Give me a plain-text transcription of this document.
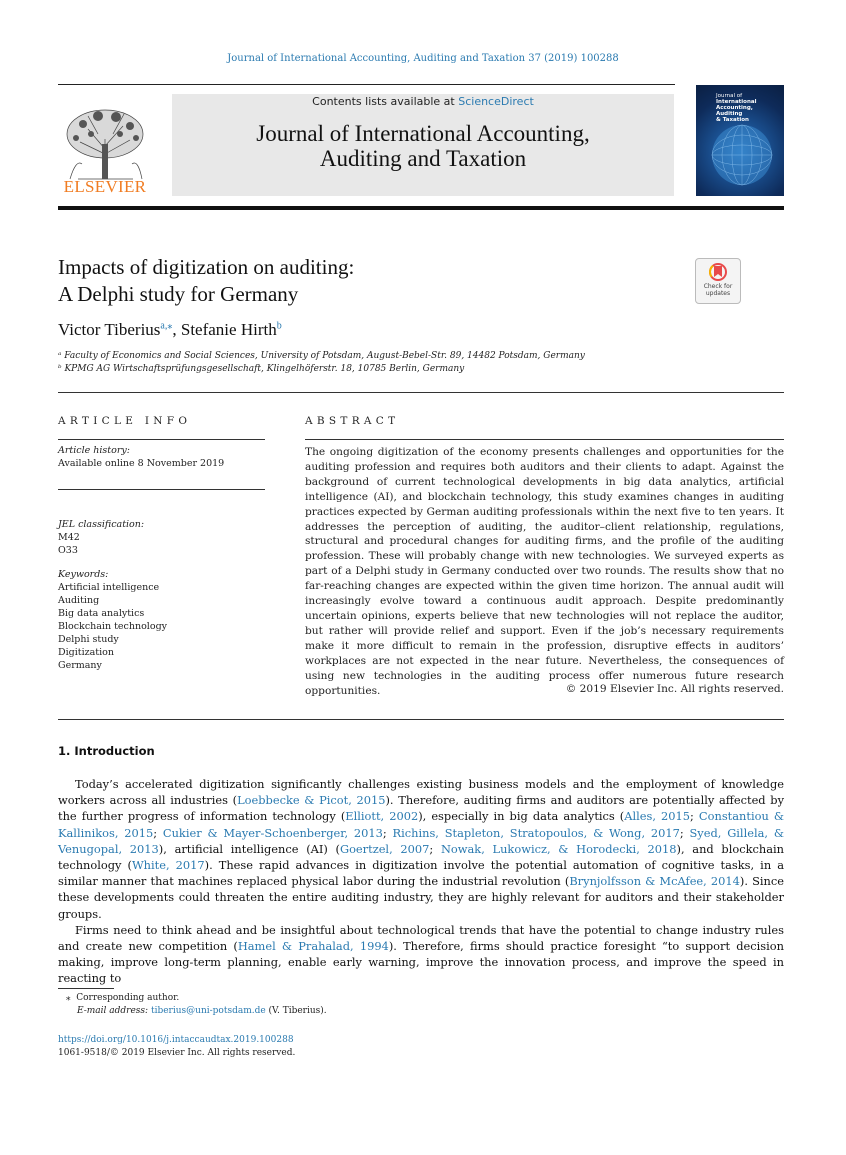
Journal of International Accounting, Auditing and Taxation 37 (2019) 100288
ELSEVIER
Contents lists available at ScienceDirect
Journal of International Accounting,
Auditing and Taxation
Journal of
International
Accounting, Auditing
& Taxation
Impacts of digitization on auditing:
A Delphi study for Germany	Check for
updates
Victor Tiberius$^{a,⁎}$, Stefanie Hirth$^b$
ᵃ Faculty of Economics and Social Sciences, University of Potsdam, August-Bebel-Str. 89, 14482 Potsdam, Germany
ᵇ KPMG AG Wirtschaftsprüfungsgesellschaft, Klingelhöferstr. 18, 10785 Berlin, Germany
ARTICLE INFO
Article history:
Available online 8 November 2019
JEL classification:
M42
O33
Keywords:
Artificial intelligence
Auditing
Big data analytics
Blockchain technology
Delphi study
Digitization
Germany
ABSTRACT
The ongoing digitization of the economy presents challenges and opportunities for the auditing profession and requires both auditors and their clients to adapt. Against the background of current technological developments in big data analytics, artificial intelligence (AI), and blockchain technology, this study examines changes in auditing practices expected by German auditing professionals within the next five to ten years. It addresses the perception of auditing, the auditor–client relationship, regulations, structural and procedural changes for auditing firms, and the profile of the auditing profession. These will probably change with new technologies. We surveyed experts as part of a Delphi study in Germany conducted over two rounds. The results show that no far-reaching changes are expected within the given time horizon. The annual audit will increasingly evolve toward a continuous audit approach. Despite predominantly uncertain opinions, experts believe that new technologies will not replace the auditor, but rather will provide relief and support. Even if the job’s necessary requirements make it more difficult to remain in the profession, disruptive effects in auditors’ workplaces are not expected in the near future. Nevertheless, the consequences of using new technologies in the auditing process offer numerous future research opportunities.	© 2019 Elsevier Inc. All rights reserved.
1. Introduction

Today’s accelerated digitization significantly challenges existing business models and the employment of knowledge workers across all industries (Loebbecke & Picot, 2015). Therefore, auditing firms and auditors are potentially affected by the further progress of information technology (Elliott, 2002), especially in big data analytics (Alles, 2015; Constantiou & Kallinikos, 2015; Cukier & Mayer-Schoenberger, 2013; Richins, Stapleton, Stratopoulos, & Wong, 2017; Syed, Gillela, & Venugopal, 2013), artificial intelligence (AI) (Goertzel, 2007; Nowak, Lukowicz, & Horodecki, 2018), and blockchain technology (White, 2017). These rapid advances in digitization involve the potential automation of cognitive tasks, in a similar manner that machines replaced physical labor during the industrial revolution (Brynjolfsson & McAfee, 2014). Since these developments could threaten the entire auditing industry, they are highly relevant for auditors and their stakeholder groups.

Firms need to think ahead and be insightful about technological trends that have the potential to change industry rules and create new competition (Hamel & Prahalad, 1994). Therefore, firms should practice foresight “to support decision making, improve long-term planning, enable early warning, improve the innovation process, and improve the speed in reacting to

⁎ Corresponding author.
E-mail address: tiberius@uni-potsdam.de (V. Tiberius).
https://doi.org/10.1016/j.intaccaudtax.2019.100288
1061-9518/© 2019 Elsevier Inc. All rights reserved.
